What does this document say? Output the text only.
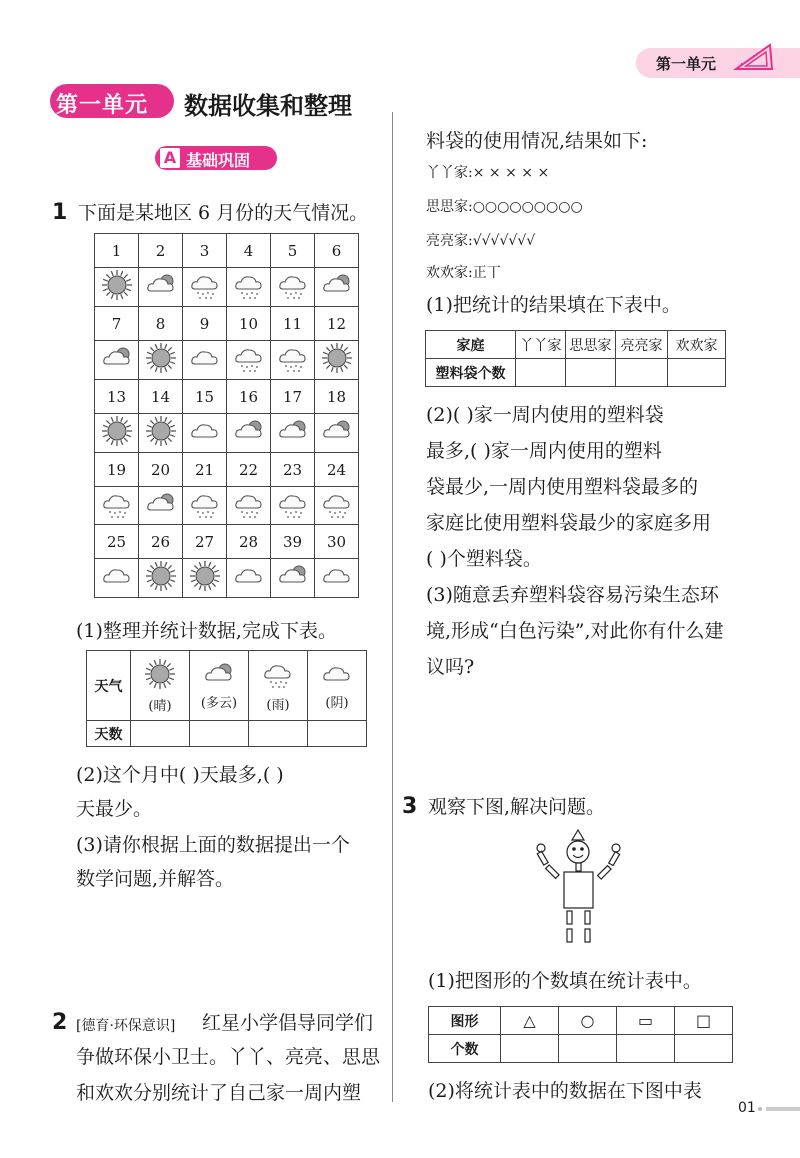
第一单元
第一单元 数据收集和整理
A 基础巩固
1 下面是某地区 6 月份的天气情况。
1	2	3	4	5	6

7	8	9	10	11	12

13	14	15	16	17	18

19	20	21	22	23	24

25	26	27	28	39	30

(1)整理并统计数据,完成下表。
天气	(晴)	(多云)	(雨)	(阴)

天数				
(2)这个月中( )天最多,( )
天最少。
(3)请你根据上面的数据提出一个
数学问题,并解答。
2 [德育·环保意识] 红星小学倡导同学们
争做环保小卫士。丫丫、亮亮、思思
和欢欢分别统计了自己家一周内塑
料袋的使用情况,结果如下:
丫丫家:× × × × ×
思思家:○○○○○○○○○
亮亮家:√√√√√√√
欢欢家:正丅
(1)把统计的结果填在下表中。
家庭	丫丫家	思思家	亮亮家	欢欢家
塑料袋个数				
(2)( )家一周内使用的塑料袋
最多,( )家一周内使用的塑料
袋最少,一周内使用塑料袋最多的
家庭比使用塑料袋最少的家庭多用
( )个塑料袋。
(3)随意丢弃塑料袋容易污染生态环
境,形成“白色污染”,对此你有什么建
议吗?
3 观察下图,解决问题。
(1)把图形的个数填在统计表中。
图形	△	○	▭	□
个数				
(2)将统计表中的数据在下图中表
01
